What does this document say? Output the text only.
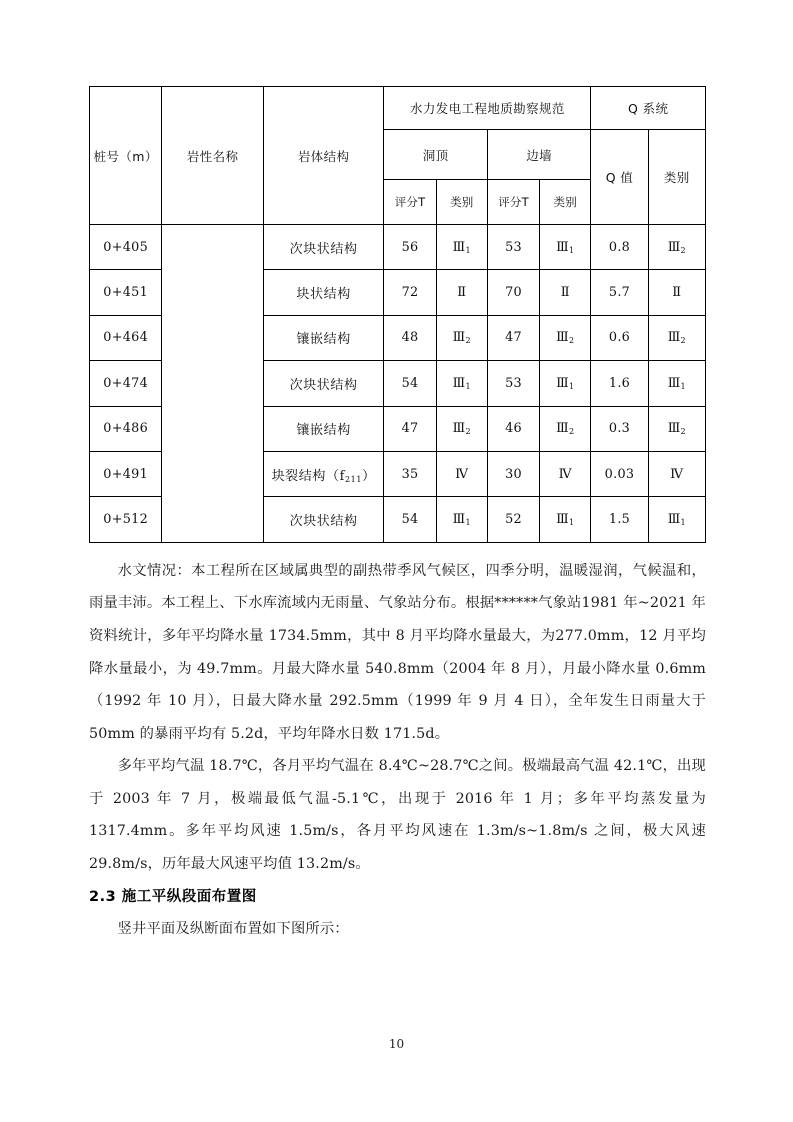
桩号（m）	岩性名称	岩体结构	水力发电工程地质勘察规范				Q 系统	
			洞顶		边墙		Q 值	类别
			评分T	类别	评分T	类别		
0+405		次块状结构	56	$Ⅲ_1$	53	$Ⅲ_1$	0.8	$Ⅲ_2$
0+451		块状结构	72	Ⅱ	70	Ⅱ	5.7	Ⅱ
0+464		镶嵌结构	48	$Ⅲ_2$	47	$Ⅲ_2$	0.6	$Ⅲ_2$
0+474		次块状结构	54	$Ⅲ_1$	53	$Ⅲ_1$	1.6	$Ⅲ_1$
0+486		镶嵌结构	47	$Ⅲ_2$	46	$Ⅲ_2$	0.3	$Ⅲ_2$
0+491		块裂结构（f211）	35	Ⅳ	30	Ⅳ	0.03	Ⅳ
0+512		次块状结构	54	$Ⅲ_1$	52	$Ⅲ_1$	1.5	$Ⅲ_1$

水文情况：本工程所在区域属典型的副热带季风气候区，四季分明，温暖湿润，气候温和，雨量丰沛。本工程上、下水库流域内无雨量、气象站分布。根据******气象站1981 年~2021 年资料统计，多年平均降水量 1734.5mm，其中 8 月平均降水量最大，为277.0mm，12 月平均降水量最小，为 49.7mm。月最大降水量 540.8mm（2004 年 8 月），月最小降水量 0.6mm（1992 年 10 月），日最大降水量 292.5mm（1999 年 9 月 4 日），全年发生日雨量大于 50mm 的暴雨平均有 5.2d，平均年降水日数 171.5d。

多年平均气温 18.7℃，各月平均气温在 8.4℃~28.7℃之间。极端最高气温 42.1℃，出现于 2003 年 7 月，极端最低气温-5.1℃，出现于 2016 年 1 月；多年平均蒸发量为 1317.4mm。多年平均风速 1.5m/s，各月平均风速在 1.3m/s~1.8m/s 之间，极大风速 29.8m/s，历年最大风速平均值 13.2m/s。

2.3 施工平纵段面布置图

竖井平面及纵断面布置如下图所示：

10
